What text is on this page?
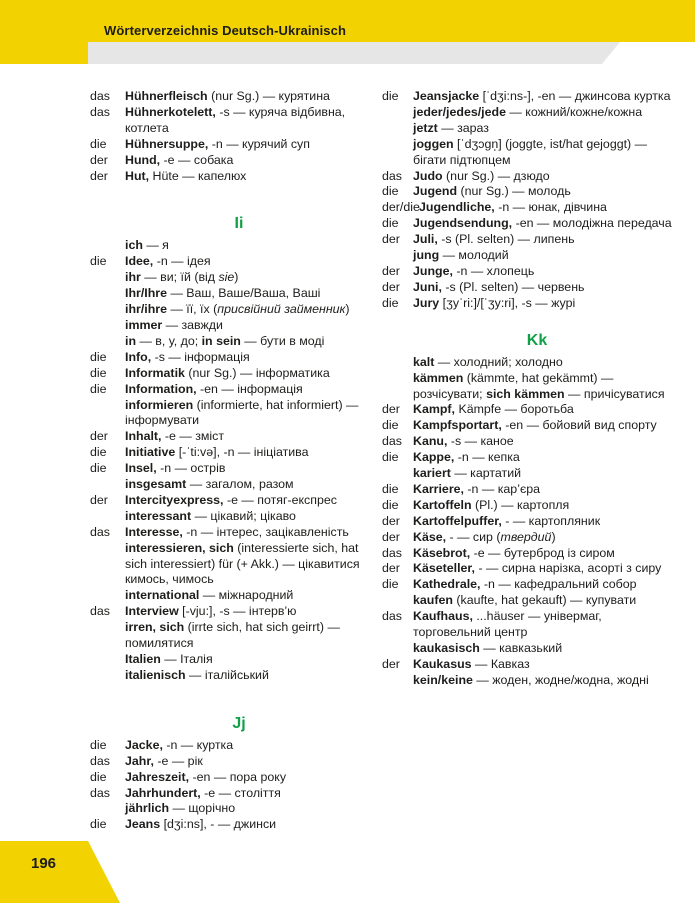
Wörterverzeichnis Deutsch-Ukrainisch
196
das	Hühnerfleisch (nur Sg.) — курятина
das	Hühnerkotelett, -s — куряча відбивна, котлета
die	Hühnersuppe, -n — курячий суп
der	Hund, -e — собака
der	Hut, Hüte — капелюх
Ii
ich — я
die	Idee, -n — ідея
ihr — ви; їй (від sie)
Ihr/Ihre — Ваш, Ваше/Ваша, Ваші
ihr/ihre — її, їх (присвійний займенник)
immer — завжди
in — в, у, до; in sein — бути в моді
die	Info, -s — інформація
die	Informatik (nur Sg.) — інформатика
die	Information, -en — інформація
informieren (informierte, hat informiert) — інформувати
der	Inhalt, -e — зміст
die	Initiative [-ˈti:və], -n — ініціатива
die	Insel, -n — острів
insgesamt — загалом, разом
der	Intercityexpress, -e — потяг-експрес
interessant — цікавий; цікаво
das	Interesse, -n — інтерес, зацікавленість
interessieren, sich (interessierte sich, hat sich interessiert) für (+ Akk.) — цікавитися кимось, чимось
international — міжнародний
das	Interview [-vju:], -s — інтерв’ю
irren, sich (irrte sich, hat sich geirrt) — помилятися
Italien — Італія
italienisch — італійський
Jj
die	Jacke, -n — куртка
das	Jahr, -e — рік
die	Jahreszeit, -en — пора року
das	Jahrhundert, -e — століття
jährlich — щорічно
die	Jeans [dʒi:ns], - — джинси
die	Jeansjacke [ˈdʒi:ns-], -en — джинсова куртка
jeder/jedes/jede — кожний/кожне/кожна
jetzt — зараз
joggen [ˈdʒɔɡn̩] (joggte, ist/hat gejoggt) — бігати підтюпцем
das Judo (nur Sg.) — дзюдо
die	Jugend (nur Sg.) — молодь
der/die Jugendliche, -n — юнак, дівчина
die	Jugendsendung, -en — молодіжна передача
der	Juli, -s (Pl. selten) — липень
jung — молодий
der	Junge, -n — хлопець
der	Juni, -s (Pl. selten) — червень
die	Jury [ʒyˈri:]/[ˈʒy:ri], -s — журі
Kk
kalt — холодний; холодно
kämmen (kämmte, hat gekämmt) — розчісувати; sich kämmen — причісуватися
der	Kampf, Kämpfe — боротьба
die	Kampfsportart, -en — бойовий вид спорту
das Kanu, -s — каное
die	Kappe, -n — кепка
kariert — картатий
die	Karriere, -n — кар’єра
die	Kartoffeln (Pl.) — картопля
der	Kartoffelpuffer, - — картопляник
der	Käse, - — сир (твердий)
das Käsebrot, -e — бутерброд із сиром
der	Käseteller, - — сирна нарізка, асорті з сиру
die	Kathedrale, -n — кафедральний собор
kaufen (kaufte, hat gekauft) — купувати
das Kaufhaus, ...häuser — універмаг, торговельний центр
kaukasisch — кавказький
der	Kaukasus — Кавказ
kein/keine — жоден, жодне/жодна, жодні
